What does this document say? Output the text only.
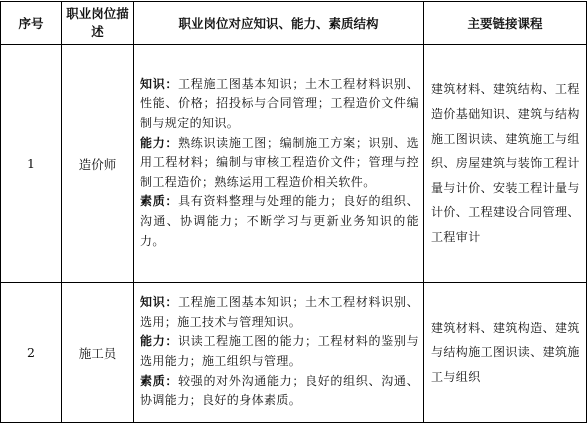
序号	职业岗位描述	职业岗位对应知识、能力、素质结构	主要链接课程
1	造价师	知识：工程施工图基本知识；土木工程材料识别、性能、价格；招投标与合同管理；工程造价文件编制与规定的知识。

能力：熟练识读施工图；编制施工方案；识别、选用工程材料；编制与审核工程造价文件；管理与控制工程造价；熟练运用工程造价相关软件。

素质：具有资料整理与处理的能力；良好的组织、沟通、协调能力；不断学习与更新业务知识的能力。	建筑材料、建筑结构、工程造价基础知识、建筑与结构施工图识读、建筑施工与组织、房屋建筑与装饰工程计量与计价、安装工程计量与计价、工程建设合同管理、工程审计
2	施工员	知识：工程施工图基本知识；土木工程材料识别、选用；施工技术与管理知识。

能力：识读工程施工图的能力；工程材料的鉴别与选用能力；施工组织与管理。

素质：较强的对外沟通能力；良好的组织、沟通、协调能力；良好的身体素质。	建筑材料、建筑构造、建筑与结构施工图识读、建筑施工与组织
